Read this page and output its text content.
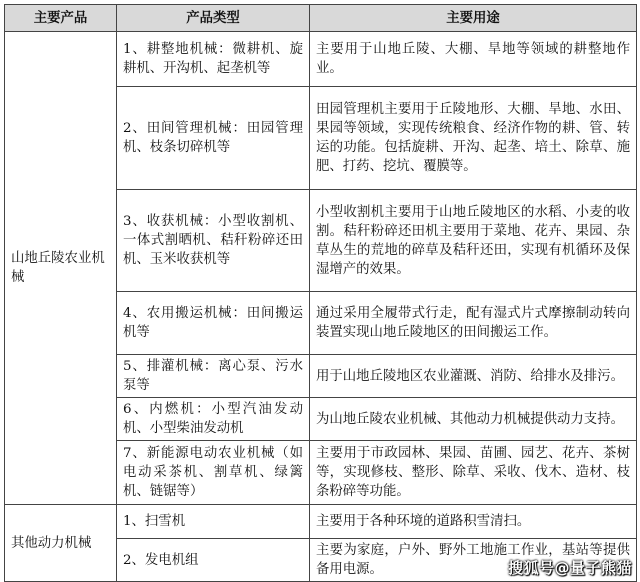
主要产品	产品类型	主要用途
山地丘陵农业机械	1、耕整地机械：微耕机、旋耕机、开沟机、起垄机等	主要用于山地丘陵、大棚、旱地等领域的耕整地作业。
	2、田间管理机械：田园管理机、枝条切碎机等	田园管理机主要用于丘陵地形、大棚、旱地、水田、果园等领域，实现传统粮食、经济作物的耕、管、转运的功能。包括旋耕、开沟、起垄、培土、除草、施肥、打药、挖坑、覆膜等。
	3、收获机械：小型收割机、一体式割晒机、秸秆粉碎还田机、玉米收获机等	小型收割机主要用于山地丘陵地区的水稻、小麦的收割。秸秆粉碎还田机主要用于菜地、花卉、果园、杂草丛生的荒地的碎草及秸秆还田，实现有机循环及保湿增产的效果。
	4、农用搬运机械：田间搬运机等	通过采用全履带式行走，配有湿式片式摩擦制动转向装置实现山地丘陵地区的田间搬运工作。
	5、排灌机械：离心泵、污水泵等	用于山地丘陵地区农业灌溉、消防、给排水及排污。
	6、内燃机：小型汽油发动机、小型柴油发动机	为山地丘陵农业机械、其他动力机械提供动力支持。
	7、新能源电动农业机械（如电动采茶机、割草机、绿篱机、链锯等）	主要用于市政园林、果园、苗圃、园艺、花卉、茶树等，实现修枝、整形、除草、采收、伐木、造材、枝条粉碎等功能。
其他动力机械	1、扫雪机	主要用于各种环境的道路积雪清扫。
	2、发电机组	主要为家庭，户外、野外工地施工作业，基站等提供备用电源。	搜狐号@量子熊猫
